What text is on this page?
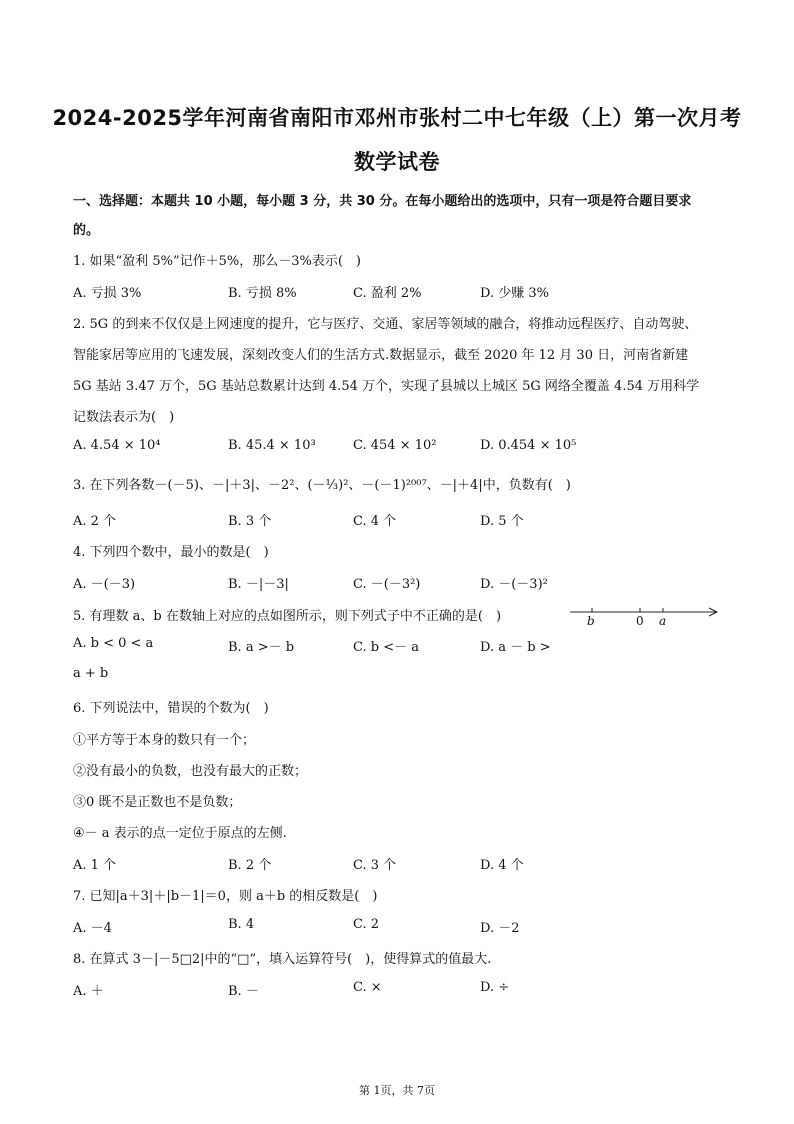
2024-2025学年河南省南阳市邓州市张村二中七年级（上）第一次月考
数学试卷
一、选择题：本题共 10 小题，每小题 3 分，共 30 分。在每小题给出的选项中，只有一项是符合题目要求
的。
1. 如果“盈利 5%”记作＋5%，那么－3%表示(　)
A. 亏损 3%	B. 亏损 8%	C. 盈利 2%	D. 少赚 3%
2. 5G 的到来不仅仅是上网速度的提升，它与医疗、交通、家居等领域的融合，将推动远程医疗、自动驾驶、
智能家居等应用的飞速发展，深刻改变人们的生活方式.数据显示，截至 2020 年 12 月 30 日，河南省新建
5G 基站 3.47 万个，5G 基站总数累计达到 4.54 万个，实现了县城以上城区 5G 网络全覆盖 4.54 万用科学
记数法表示为(　)
A. 4.54 × 10⁴	B. 45.4 × 10³	C. 454 × 10²	D. 0.454 × 10⁵
3. 在下列各数－(－5)、－|＋3|、－2²、(－⅓)²、－(－1)²⁰⁰⁷、－|＋4|中，负数有(　)
A. 2 个	B. 3 个	C. 4 个	D. 5 个
4. 下列四个数中，最小的数是(　)
A. －(－3)	B. －|－3|	C. －(－3²)	D. －(－3)²
5. 有理数 a、b 在数轴上对应的点如图所示，则下列式子中不正确的是(　)	b	0 a
A. b < 0 < a	B. a >－ b	C. b <－ a	D. a － b >
a + b
6. 下列说法中，错误的个数为(　)
①平方等于本身的数只有一个；
②没有最小的负数，也没有最大的正数；
③0 既不是正数也不是负数；
④－ a 表示的点一定位于原点的左侧.
A. 1 个	B. 2 个	C. 3 个	D. 4 个
7. 已知|a＋3|＋|b－1|＝0，则 a＋b 的相反数是(　)
A. －4	B. 4	C. 2	D. －2
8. 在算式 3－|－5□2|中的“□”，填入运算符号(　)，使得算式的值最大.
A. ＋	B. －	C. ×	D. ÷
第 1页，共 7页
